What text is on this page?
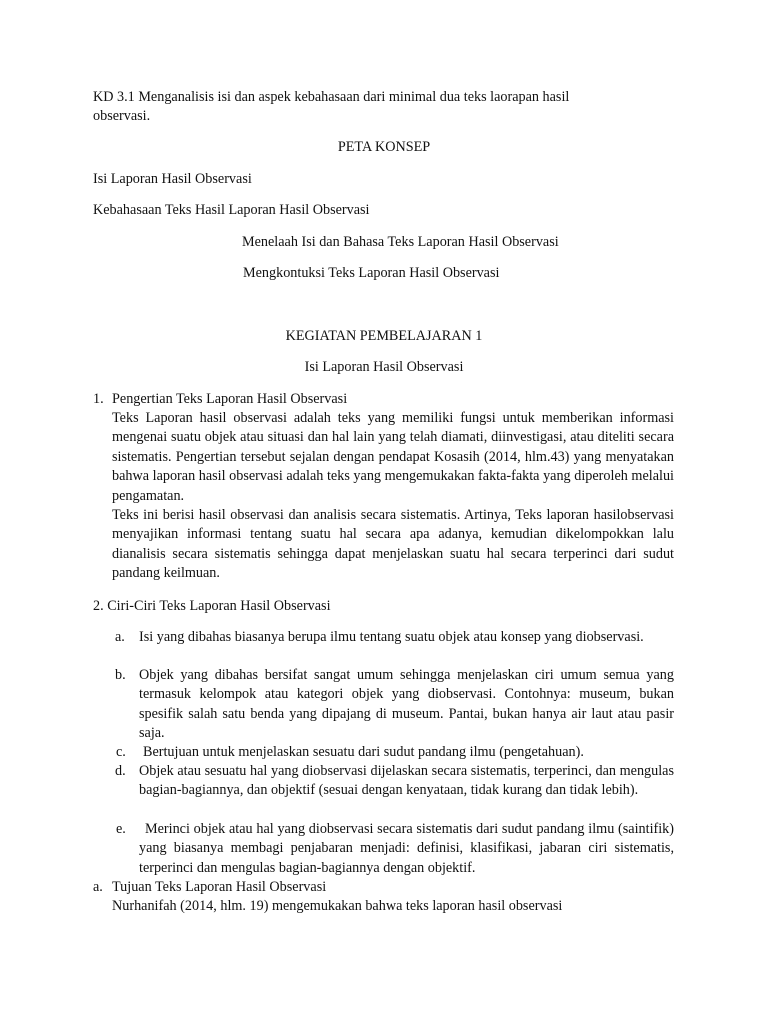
KD 3.1 Menganalisis isi dan aspek kebahasaan dari minimal dua teks laorapan hasil

observasi.

PETA KONSEP

Isi Laporan Hasil Observasi

Kebahasaan Teks Hasil Laporan Hasil Observasi

Menelaah Isi dan Bahasa Teks Laporan Hasil Observasi

Mengkontuksi Teks Laporan Hasil Observasi

KEGIATAN PEMBELAJARAN 1

Isi Laporan Hasil Observasi

1. Pengertian Teks Laporan Hasil Observasi

Teks Laporan hasil observasi adalah teks yang memiliki fungsi untuk memberikan informasi mengenai suatu objek atau situasi dan hal lain yang telah diamati, diinvestigasi, atau diteliti secara sistematis. Pengertian tersebut sejalan dengan pendapat Kosasih (2014, hlm.43) yang menyatakan bahwa laporan hasil observasi adalah teks yang mengemukakan fakta-fakta yang diperoleh melalui pengamatan.

Teks ini berisi hasil observasi dan analisis secara sistematis. Artinya, Teks laporan hasilobservasi menyajikan informasi tentang suatu hal secara apa adanya, kemudian dikelompokkan lalu dianalisis secara sistematis sehingga dapat menjelaskan suatu hal secara terperinci dari sudut pandang keilmuan.

2. Ciri-Ciri Teks Laporan Hasil Observasi

a. Isi yang dibahas biasanya berupa ilmu tentang suatu objek atau konsep yang diobservasi.

b. Objek yang dibahas bersifat sangat umum sehingga menjelaskan ciri umum semua yang termasuk kelompok atau kategori objek yang diobservasi. Contohnya: museum, bukan spesifik salah satu benda yang dipajang di museum. Pantai, bukan hanya air laut atau pasir saja.

c. Bertujuan untuk menjelaskan sesuatu dari sudut pandang ilmu (pengetahuan).

d. Objek atau sesuatu hal yang diobservasi dijelaskan secara sistematis, terperinci, dan mengulas bagian-bagiannya, dan objektif (sesuai dengan kenyataan, tidak kurang dan tidak lebih).

e.	Merinci objek atau hal yang diobservasi secara sistematis dari sudut pandang ilmu (saintifik) yang biasanya membagi penjabaran menjadi: definisi, klasifikasi, jabaran ciri sistematis, terperinci dan mengulas bagian-bagiannya dengan objektif.

a. Tujuan Teks Laporan Hasil Observasi

Nurhanifah (2014, hlm. 19) mengemukakan bahwa teks laporan hasil observasi
